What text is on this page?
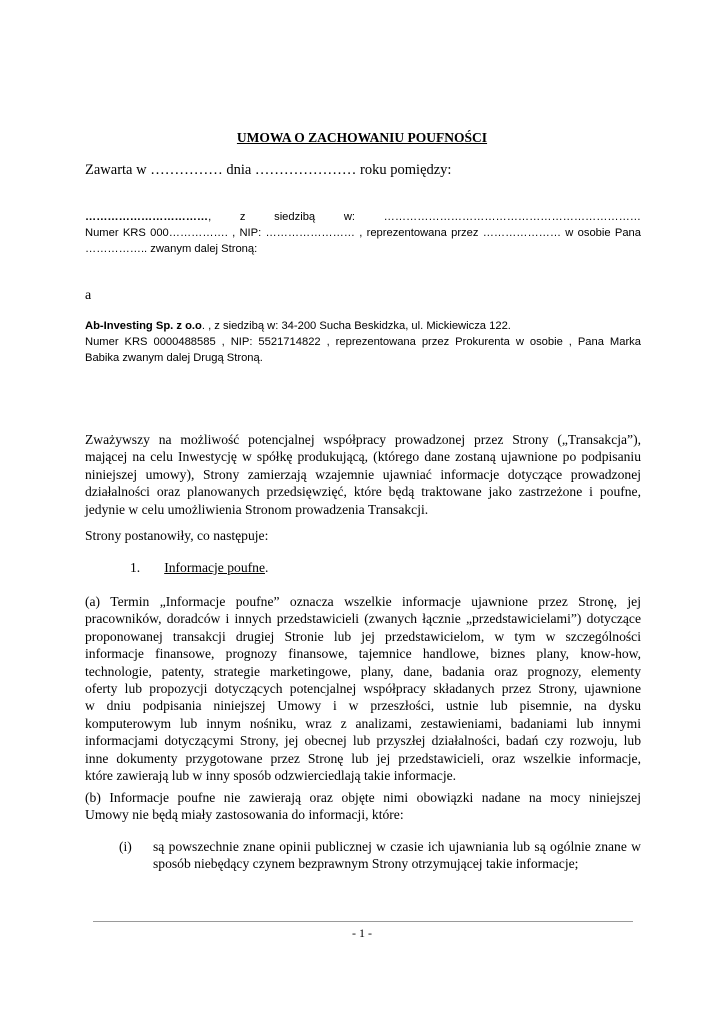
UMOWA O ZACHOWANIU POUFNOŚCI
Zawarta w …………… dnia ………………… roku pomiędzy:
……………………………, z siedzibą w: ……………………………………………………………
Numer KRS 000……………. , NIP: …………………… , reprezentowana przez ………………… w osobie Pana
…………….. zwanym dalej Stroną:
a
Ab-Investing Sp. z o.o. , z siedzibą w: 34-200 Sucha Beskidzka, ul. Mickiewicza 122.
Numer KRS 0000488585 , NIP: 5521714822 , reprezentowana przez Prokurenta w osobie , Pana Marka
Babika zwanym dalej Drugą Stroną.
Zważywszy na możliwość potencjalnej współpracy prowadzonej przez Strony („Transakcja”),
mającej na celu Inwestycję w spółkę produkującą, (którego dane zostaną ujawnione po podpisaniu
niniejszej umowy), Strony zamierzają wzajemnie ujawniać informacje dotyczące prowadzonej
działalności oraz planowanych przedsięwzięć, które będą traktowane jako zastrzeżone i poufne,
jedynie w celu umożliwienia Stronom prowadzenia Transakcji.
Strony postanowiły, co następuje:
1. Informacje poufne.
(a) Termin „Informacje poufne” oznacza wszelkie informacje ujawnione przez Stronę, jej
pracowników, doradców i innych przedstawicieli (zwanych łącznie „przedstawicielami”) dotyczące
proponowanej transakcji drugiej Stronie lub jej przedstawicielom, w tym w szczególności
informacje finansowe, prognozy finansowe, tajemnice handlowe, biznes plany, know-how,
technologie, patenty, strategie marketingowe, plany, dane, badania oraz prognozy, elementy
oferty lub propozycji dotyczących potencjalnej współpracy składanych przez Strony, ujawnione
w dniu podpisania niniejszej Umowy i w przeszłości, ustnie lub pisemnie, na dysku
komputerowym lub innym nośniku, wraz z analizami, zestawieniami, badaniami lub innymi
informacjami dotyczącymi Strony, jej obecnej lub przyszłej działalności, badań czy rozwoju, lub
inne dokumenty przygotowane przez Stronę lub jej przedstawicieli, oraz wszelkie informacje,
które zawierają lub w inny sposób odzwierciedlają takie informacje.
(b) Informacje poufne nie zawierają oraz objęte nimi obowiązki nadane na mocy niniejszej
Umowy nie będą miały zastosowania do informacji, które:
(i) są powszechnie znane opinii publicznej w czasie ich ujawniania lub są ogólnie znane w
sposób niebędący czynem bezprawnym Strony otrzymującej takie informacje;
- 1 -
